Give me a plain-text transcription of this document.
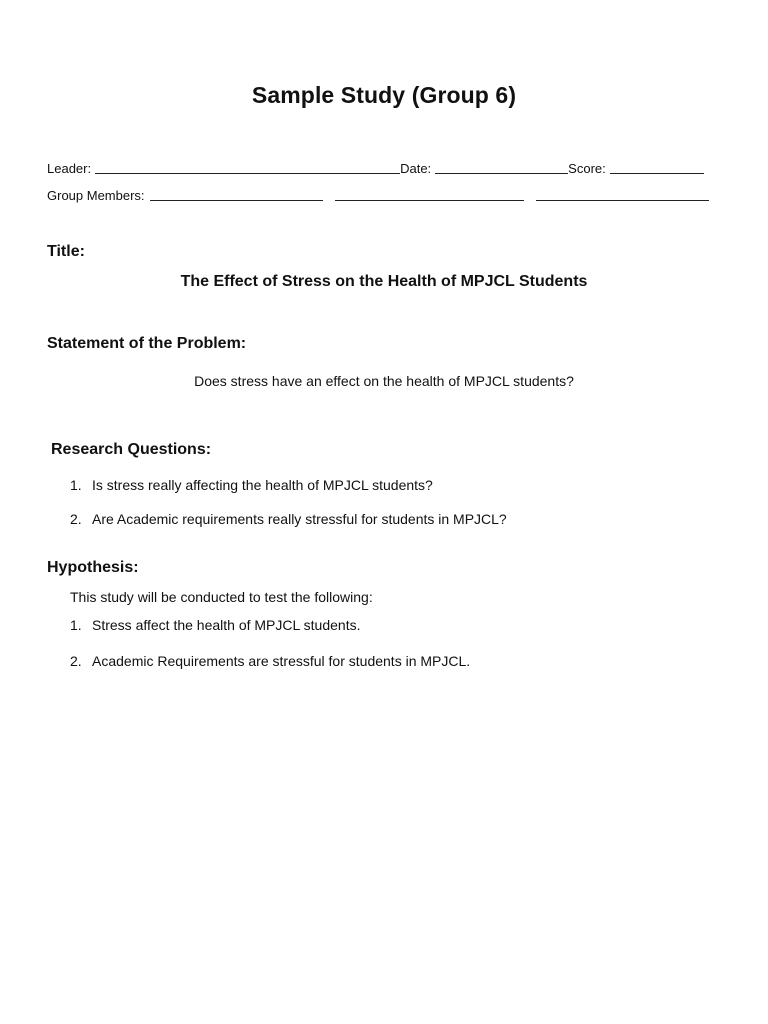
Sample Study (Group 6)
Leader:	Date:	Score:
Group Members:
Title:
The Effect of Stress on the Health of MPJCL Students
Statement of the Problem:
Does stress have an effect on the health of MPJCL students?
Research Questions:
1. Is stress really affecting the health of MPJCL students?
2. Are Academic requirements really stressful for students in MPJCL?
Hypothesis:
This study will be conducted to test the following:
1. Stress affect the health of MPJCL students.
2. Academic Requirements are stressful for students in MPJCL.
